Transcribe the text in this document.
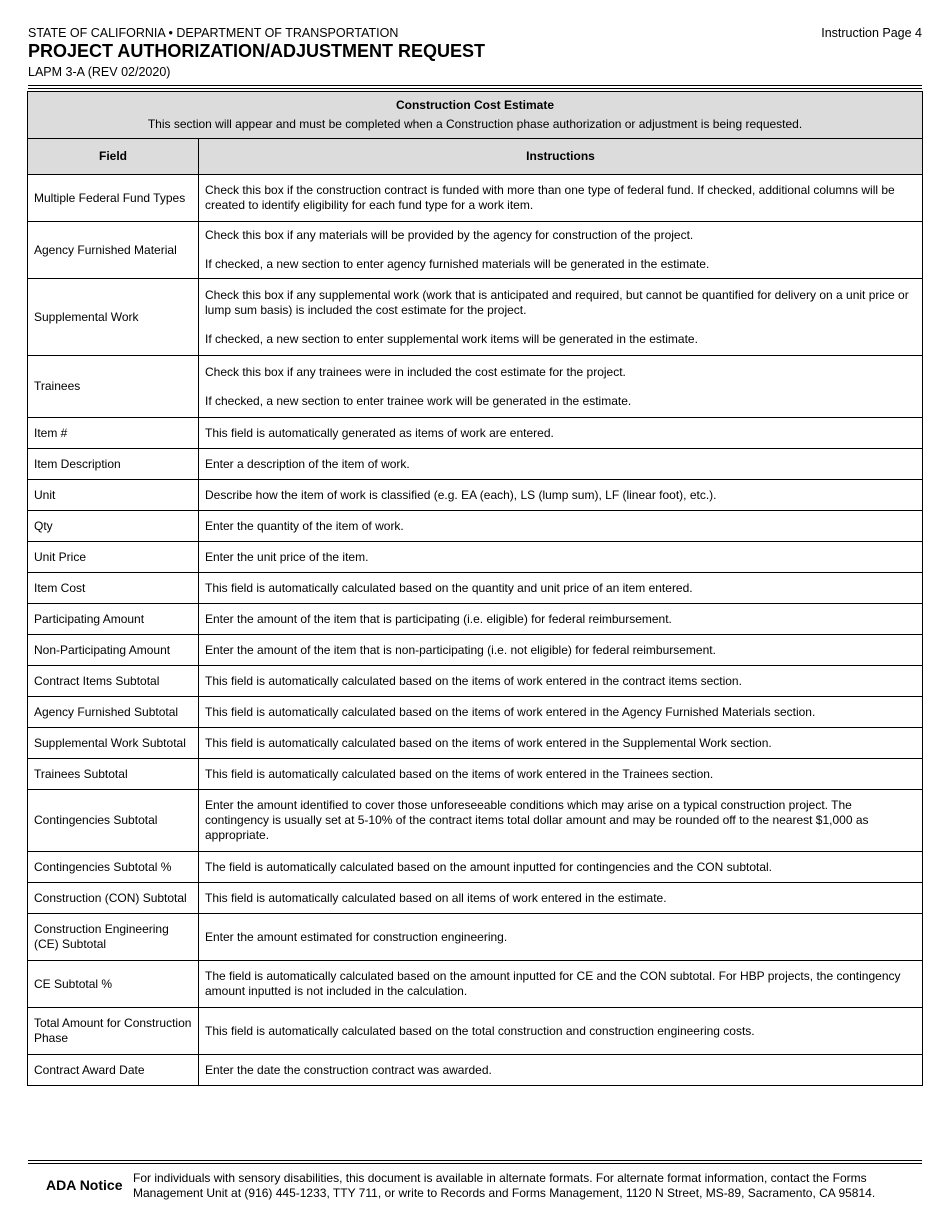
STATE OF CALIFORNIA • DEPARTMENT OF TRANSPORTATION
PROJECT AUTHORIZATION/ADJUSTMENT REQUEST
LAPM 3-A (REV 02/2020)
Instruction Page 4
Construction Cost Estimate
This section will appear and must be completed when a Construction phase authorization or adjustment is being requested.	
Field	Instructions
Multiple Federal Fund Types	Check this box if the construction contract is funded with more than one type of federal fund. If checked, additional columns will be created to identify eligibility for each fund type for a work item.
Agency Furnished Material	Check this box if any materials will be provided by the agency for construction of the project.
If checked, a new section to enter agency furnished materials will be generated in the estimate.
Supplemental Work	Check this box if any supplemental work (work that is anticipated and required, but cannot be quantified for delivery on a unit price or lump sum basis) is included the cost estimate for the project.
If checked, a new section to enter supplemental work items will be generated in the estimate.
Trainees	Check this box if any trainees were in included the cost estimate for the project.
If checked, a new section to enter trainee work will be generated in the estimate.
Item #	This field is automatically generated as items of work are entered.
Item Description	Enter a description of the item of work.
Unit	Describe how the item of work is classified (e.g. EA (each), LS (lump sum), LF (linear foot), etc.).
Qty	Enter the quantity of the item of work.
Unit Price	Enter the unit price of the item.
Item Cost	This field is automatically calculated based on the quantity and unit price of an item entered.
Participating Amount	Enter the amount of the item that is participating (i.e. eligible) for federal reimbursement.
Non-Participating Amount	Enter the amount of the item that is non-participating (i.e. not eligible) for federal reimbursement.
Contract Items Subtotal	This field is automatically calculated based on the items of work entered in the contract items section.
Agency Furnished Subtotal	This field is automatically calculated based on the items of work entered in the Agency Furnished Materials section.
Supplemental Work Subtotal	This field is automatically calculated based on the items of work entered in the Supplemental Work section.
Trainees Subtotal	This field is automatically calculated based on the items of work entered in the Trainees section.
Contingencies Subtotal	Enter the amount identified to cover those unforeseeable conditions which may arise on a typical construction project. The contingency is usually set at 5-10% of the contract items total dollar amount and may be rounded off to the nearest $1,000 as appropriate.
Contingencies Subtotal %	The field is automatically calculated based on the amount inputted for contingencies and the CON subtotal.
Construction (CON) Subtotal	This field is automatically calculated based on all items of work entered in the estimate.
Construction Engineering (CE) Subtotal	Enter the amount estimated for construction engineering.
CE Subtotal %	The field is automatically calculated based on the amount inputted for CE and the CON subtotal. For HBP projects, the contingency amount inputted is not included in the calculation.
Total Amount for Construction Phase	This field is automatically calculated based on the total construction and construction engineering costs.
Contract Award Date	Enter the date the construction contract was awarded.
ADA Notice For individuals with sensory disabilities, this document is available in alternate formats. For alternate format information, contact the Forms Management Unit at (916) 445-1233, TTY 711, or write to Records and Forms Management, 1120 N Street, MS-89, Sacramento, CA 95814.
